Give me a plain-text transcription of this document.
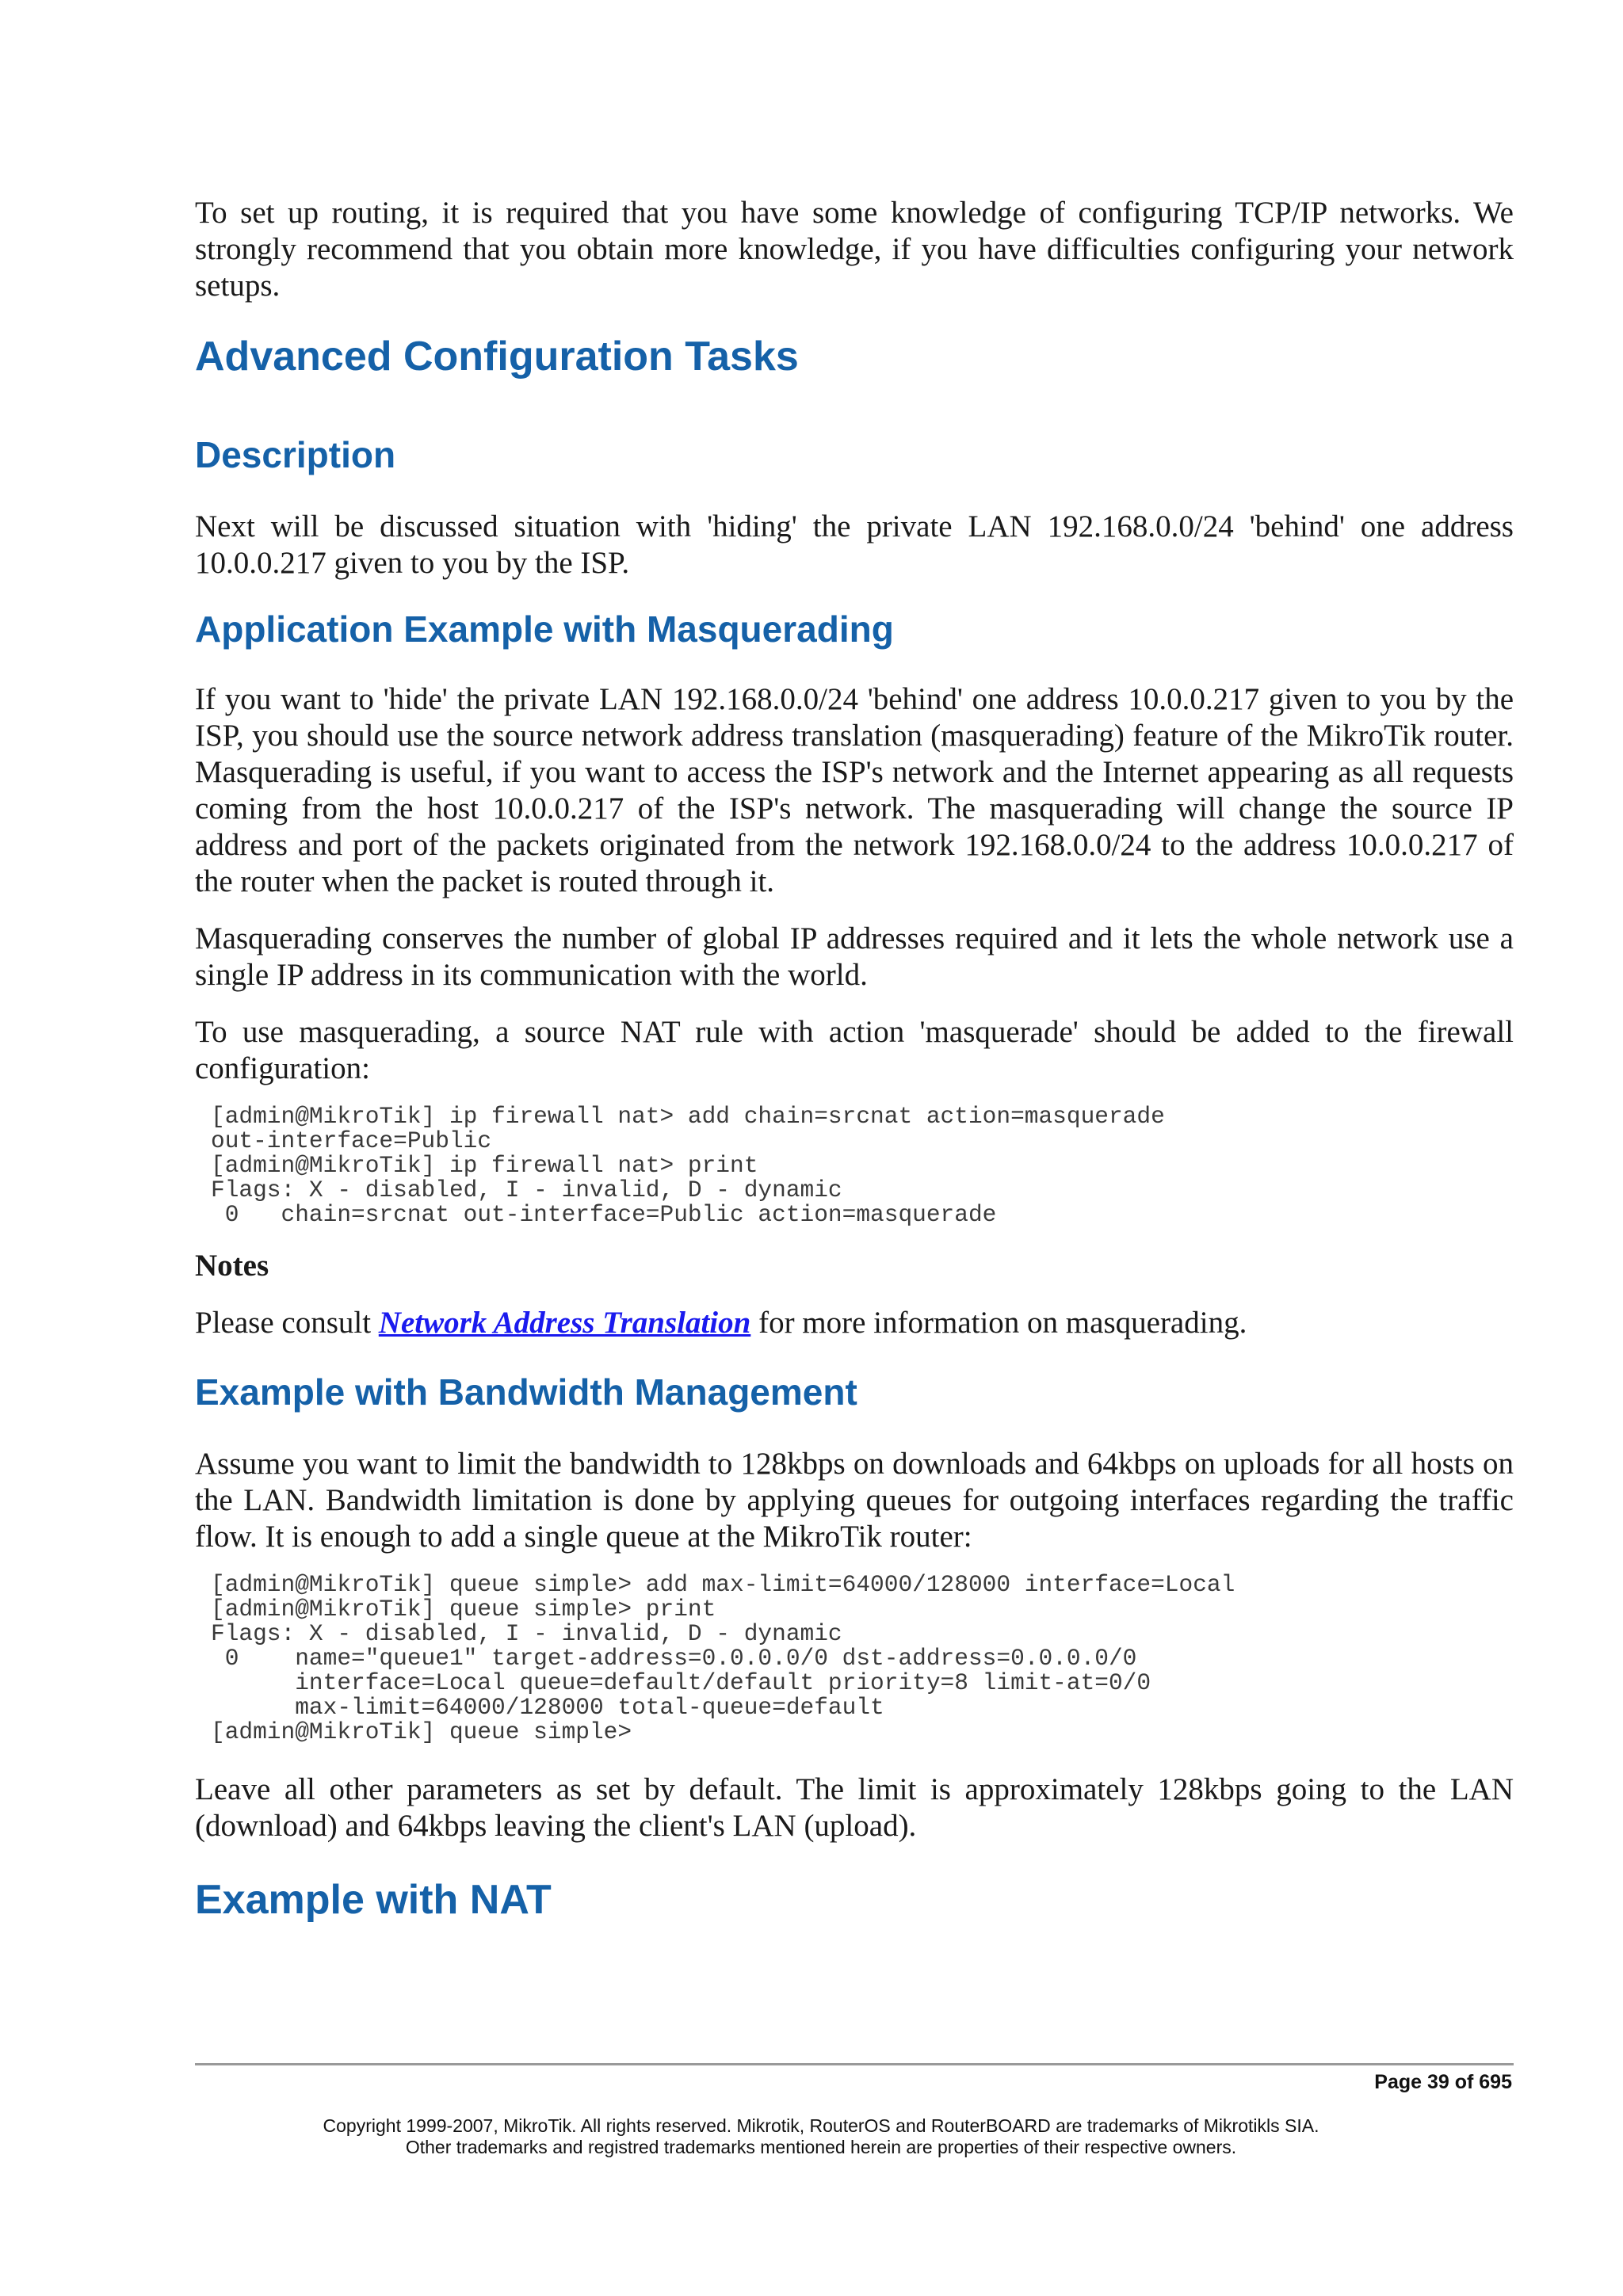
To set up routing, it is required that you have some knowledge of configuring TCP/IP networks. We strongly recommend that you obtain more knowledge, if you have difficulties configuring your network setups.

Advanced Configuration Tasks
Description

Next will be discussed situation with 'hiding' the private LAN 192.168.0.0/24 'behind' one address 10.0.0.217 given to you by the ISP.

Application Example with Masquerading

If you want to 'hide' the private LAN 192.168.0.0/24 'behind' one address 10.0.0.217 given to you by the ISP, you should use the source network address translation (masquerading) feature of the MikroTik router. Masquerading is useful, if you want to access the ISP's network and the Internet appearing as all requests coming from the host 10.0.0.217 of the ISP's network. The masquerading will change the source IP address and port of the packets originated from the network 192.168.0.0/24 to the address 10.0.0.217 of the router when the packet is routed through it.

Masquerading conserves the number of global IP addresses required and it lets the whole network use a single IP address in its communication with the world.

To use masquerading, a source NAT rule with action 'masquerade' should be added to the firewall configuration:

[admin@MikroTik] ip firewall nat> add chain=srcnat action=masquerade
out-interface=Public
[admin@MikroTik] ip firewall nat> print
Flags: X - disabled, I - invalid, D - dynamic
0   chain=srcnat out-interface=Public action=masquerade

Notes

Please consult Network Address Translation for more information on masquerading.

Example with Bandwidth Management

Assume you want to limit the bandwidth to 128kbps on downloads and 64kbps on uploads for all hosts on the LAN. Bandwidth limitation is done by applying queues for outgoing interfaces regarding the traffic flow. It is enough to add a single queue at the MikroTik router:

[admin@MikroTik] queue simple> add max-limit=64000/128000 interface=Local
[admin@MikroTik] queue simple> print
Flags: X - disabled, I - invalid, D - dynamic
0    name="queue1" target-address=0.0.0.0/0 dst-address=0.0.0.0/0
interface=Local queue=default/default priority=8 limit-at=0/0
max-limit=64000/128000 total-queue=default
[admin@MikroTik] queue simple>

Leave all other parameters as set by default. The limit is approximately 128kbps going to the LAN (download) and 64kbps leaving the client's LAN (upload).

Example with NAT
Page 39 of 695
Copyright 1999-2007, MikroTik. All rights reserved. Mikrotik, RouterOS and RouterBOARD are trademarks of Mikrotikls SIA.
Other trademarks and registred trademarks mentioned herein are properties of their respective owners.
